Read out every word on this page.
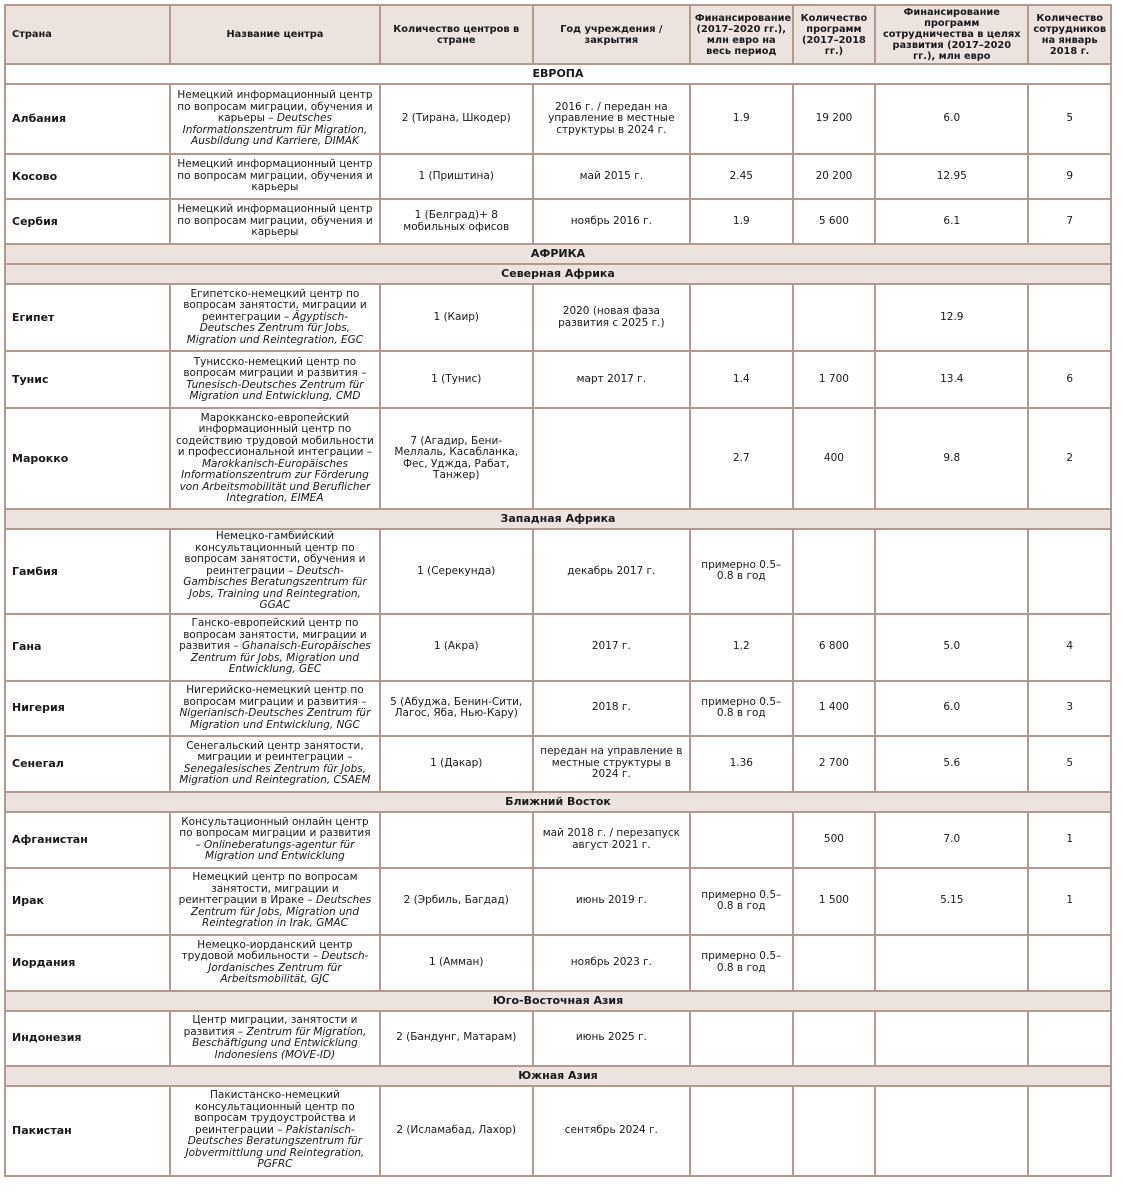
Страна	Название центра	Количество центров в стране	Год учреждения /закрытия	Финансирование (2017–2020 гг.), млн евро на весь период	Количество программ (2017–2018 гг.)	Финансирование программ сотрудничества в целях развития (2017–2020 гг.), млн евро	Количество сотрудников на январь 2018 г.
ЕВРОПА							
Албания	Немецкий информационный центр по вопросам миграции, обучения и карьеры – Deutsches Informationszentrum für Migration, Ausbildung und Karriere, DIMAK	2 (Тирана, Шкодер)	2016 г. / передан на управление в местные структуры в 2024 г.	1.9	19 200	6.0	5
Косово	Немецкий информационный центр по вопросам миграции, обучения и карьеры	1 (Приштина)	май 2015 г.	2.45	20 200	12.95	9
Сербия	Немецкий информационный центр по вопросам миграции, обучения и карьеры	1 (Белград)+ 8 мобильных офисов	ноябрь 2016 г.	1.9	5 600	6.1	7
АФРИКА							
Северная Африка							
Египет	Египетско-немецкий центр по вопросам занятости, миграции и реинтеграции – Ägyptisch-Deutsches Zentrum für Jobs, Migration und Reintegration, EGC	1 (Каир)	2020 (новая фаза развития с 2025 г.)			12.9	
Тунис	Тунисско-немецкий центр по вопросам миграции и развития – Tunesisch-Deutsches Zentrum für Migration und Entwicklung, CMD	1 (Тунис)	март 2017 г.	1.4	1 700	13.4	6
Марокко	Марокканско-европейский информационный центр по содействию трудовой мобильности и профессиональной интеграции – Marokkanisch-Europäisches Informationszentrum zur Förderung von Arbeitsmobilität und Beruflicher Integration, EIMEA	7 (Агадир, Бени-Меллаль, Касабланка, Фес, Уджда, Рабат, Танжер)		2.7	400	9.8	2
Западная Африка							
Гамбия	Немецко-гамбийский консультационный центр по вопросам занятости, обучения и реинтеграции – Deutsch-Gambisches Beratungszentrum für Jobs, Training und Reintegration, GGAC	1 (Серекунда)	декабрь 2017 г.	примерно 0.5–0.8 в год			
Гана	Ганско-европейский центр по вопросам занятости, миграции и развития – Ghanaisch-Europäisches Zentrum für Jobs, Migration und Entwicklung, GEC	1 (Акра)	2017 г.	1.2	6 800	5.0	4
Нигерия	Нигерийско-немецкий центр по вопросам миграции и развития – Nigerianisch-Deutsches Zentrum für Migration und Entwicklung, NGC	5 (Абуджа, Бенин-Сити, Лагос, Яба, Нью-Кару)	2018 г.	примерно 0.5–0.8 в год	1 400	6.0	3
Сенегал	Сенегальский центр занятости, миграции и реинтеграции – Senegalesisches Zentrum für Jobs, Migration und Reintegration, CSAEM	1 (Дакар)	передан на управление в местные структуры в 2024 г.	1.36	2 700	5.6	5
Ближний Восток							
Афганистан	Консультационный онлайн центр по вопросам миграции и развития – Onlineberatungs-agentur für Migration und Entwicklung		май 2018 г. / перезапуск август 2021 г.		500	7.0	1
Ирак	Немецкий центр по вопросам занятости, миграции и реинтеграции в Ираке – Deutsches Zentrum für Jobs, Migration und Reintegration in Irak, GMAC	2 (Эрбиль, Багдад)	июнь 2019 г.	примерно 0.5–0.8 в год	1 500	5.15	1
Иордания	Немецко-иорданский центр трудовой мобильности – Deutsch-Jordanisches Zentrum für Arbeitsmobilität, GJC	1 (Амман)	ноябрь 2023 г.	примерно 0.5–0.8 в год			
Юго-Восточная Азия							
Индонезия	Центр миграции, занятости и развития – Zentrum für Migration, Beschäftigung und Entwicklung Indonesiens (MOVE-ID)	2 (Бандунг, Матарам)	июнь 2025 г.				
Южная Азия							
Пакистан	Пакистанско-немецкий консультационный центр по вопросам трудоустройства и реинтеграции – Pakistanisch-Deutsches Beratungszentrum für Jobvermittlung und Reintegration, PGFRC	2 (Исламабад, Лахор)	сентябрь 2024 г.				
